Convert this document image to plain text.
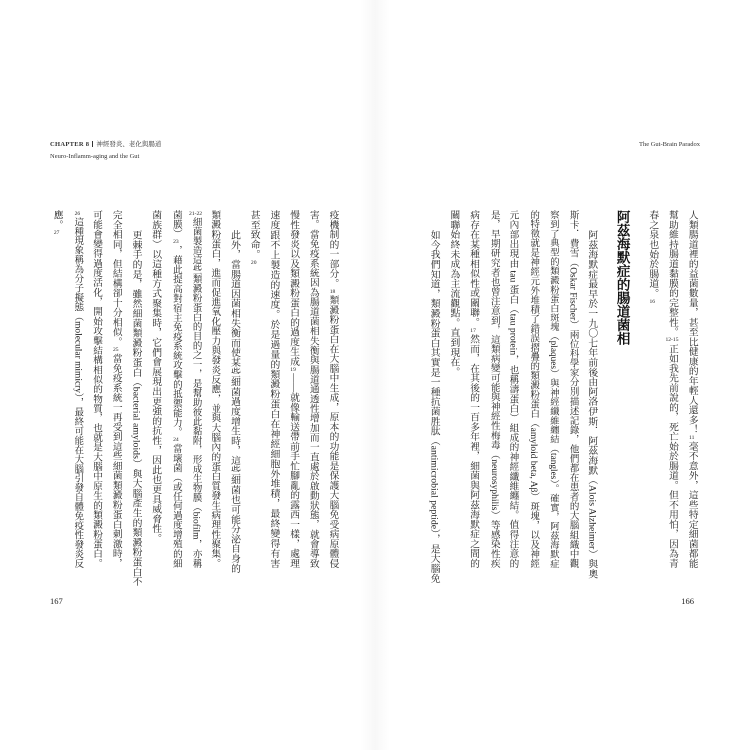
CHAPTER 8 神經發炎、老化與腸道
Neuro-Inflamm-aging and the Gut
The Gut-Brain Paradox
人類腸道裡的益菌數量，甚至比健康的年輕人還多！11毫不意外，這些特定細菌都能
幫助維持腸道黏膜的完整性。12-15正如我先前說的，死亡始於腸道。但不用怕，因為青
春之泉也始於腸道。16
阿茲海默症的腸道菌相
阿茲海默症最早於一九〇七年前後由阿洛伊斯．阿茲海默（Alois Alzheimer）與奧
斯卡．費雪（Oskar Fischer）兩位科學家分別描述記錄，他們都在患者的大腦組織中觀
察到了典型的類澱粉蛋白斑塊（plaques）與神經纖維纏結（tangles）。確實，阿茲海默症
的特徵就是神經元外堆積了錯誤摺疊的類澱粉蛋白（amyloid beta, Aβ）斑塊，以及神經
元內部出現由 tau 蛋白（tau protein，也稱濤蛋白）組成的神經纖維纏結。值得注意的
是，早期研究者也曾注意到，這類病變可能與神經性梅毒（neurosyphilis）等感染性疾
病存在某種相似性或關聯。17然而，在其後的一百多年裡，細菌與阿茲海默症之間的
關聯始終未成為主流觀點。直到現在。
如今我們知道，類澱粉蛋白其實是一種抗菌胜肽（antimicrobial peptide），是大腦免
疫機制的一部分。18類澱粉蛋白在大腦中生成，原本的功能是保護大腦免受病原體侵
害。當免疫系統因為腸道菌相失衡與腸道通透性增加而一直處於啟動狀態，就會導致
慢性發炎以及類澱粉蛋白的過度生成19——就像輸送帶前手忙腳亂的露西一樣，處理
速度跟不上製造的速度。於是過量的類澱粉蛋白在神經細胞外堆積，最終變得有害
甚至致命。20
此外，當腸道因菌相失衡而使某些細菌過度增生時，這些細菌也可能分泌自身的
類澱粉蛋白，進而促進氧化壓力與發炎反應，並與大腦內的蛋白質發生病理性聚集。
21-22細菌製造這些類澱粉蛋白的目的之一，是幫助彼此黏附，形成生物膜（biofilm，亦稱
菌膜）23，藉此提高對宿主免疫系統攻擊的抵禦能力。24當壞菌（或任何過度增殖的細
菌族群）以這種方式聚集時，它們會展現出更強的抗性，因此也更具威脅性。
更棘手的是，雖然細菌類澱粉蛋白（bacterial amyloids）與大腦產生的類澱粉蛋白不
完全相同，但結構卻十分相似。25當免疫系統一再受到這些細菌類澱粉蛋白刺激時，
可能會變得過度活化，開始攻擊結構相似的物質，也就是大腦中原生的類澱粉蛋白。
26這種現象稱為分子擬態（molecular mimicry），最終可能在大腦引發自體免疫性發炎反
應。27
167	166
